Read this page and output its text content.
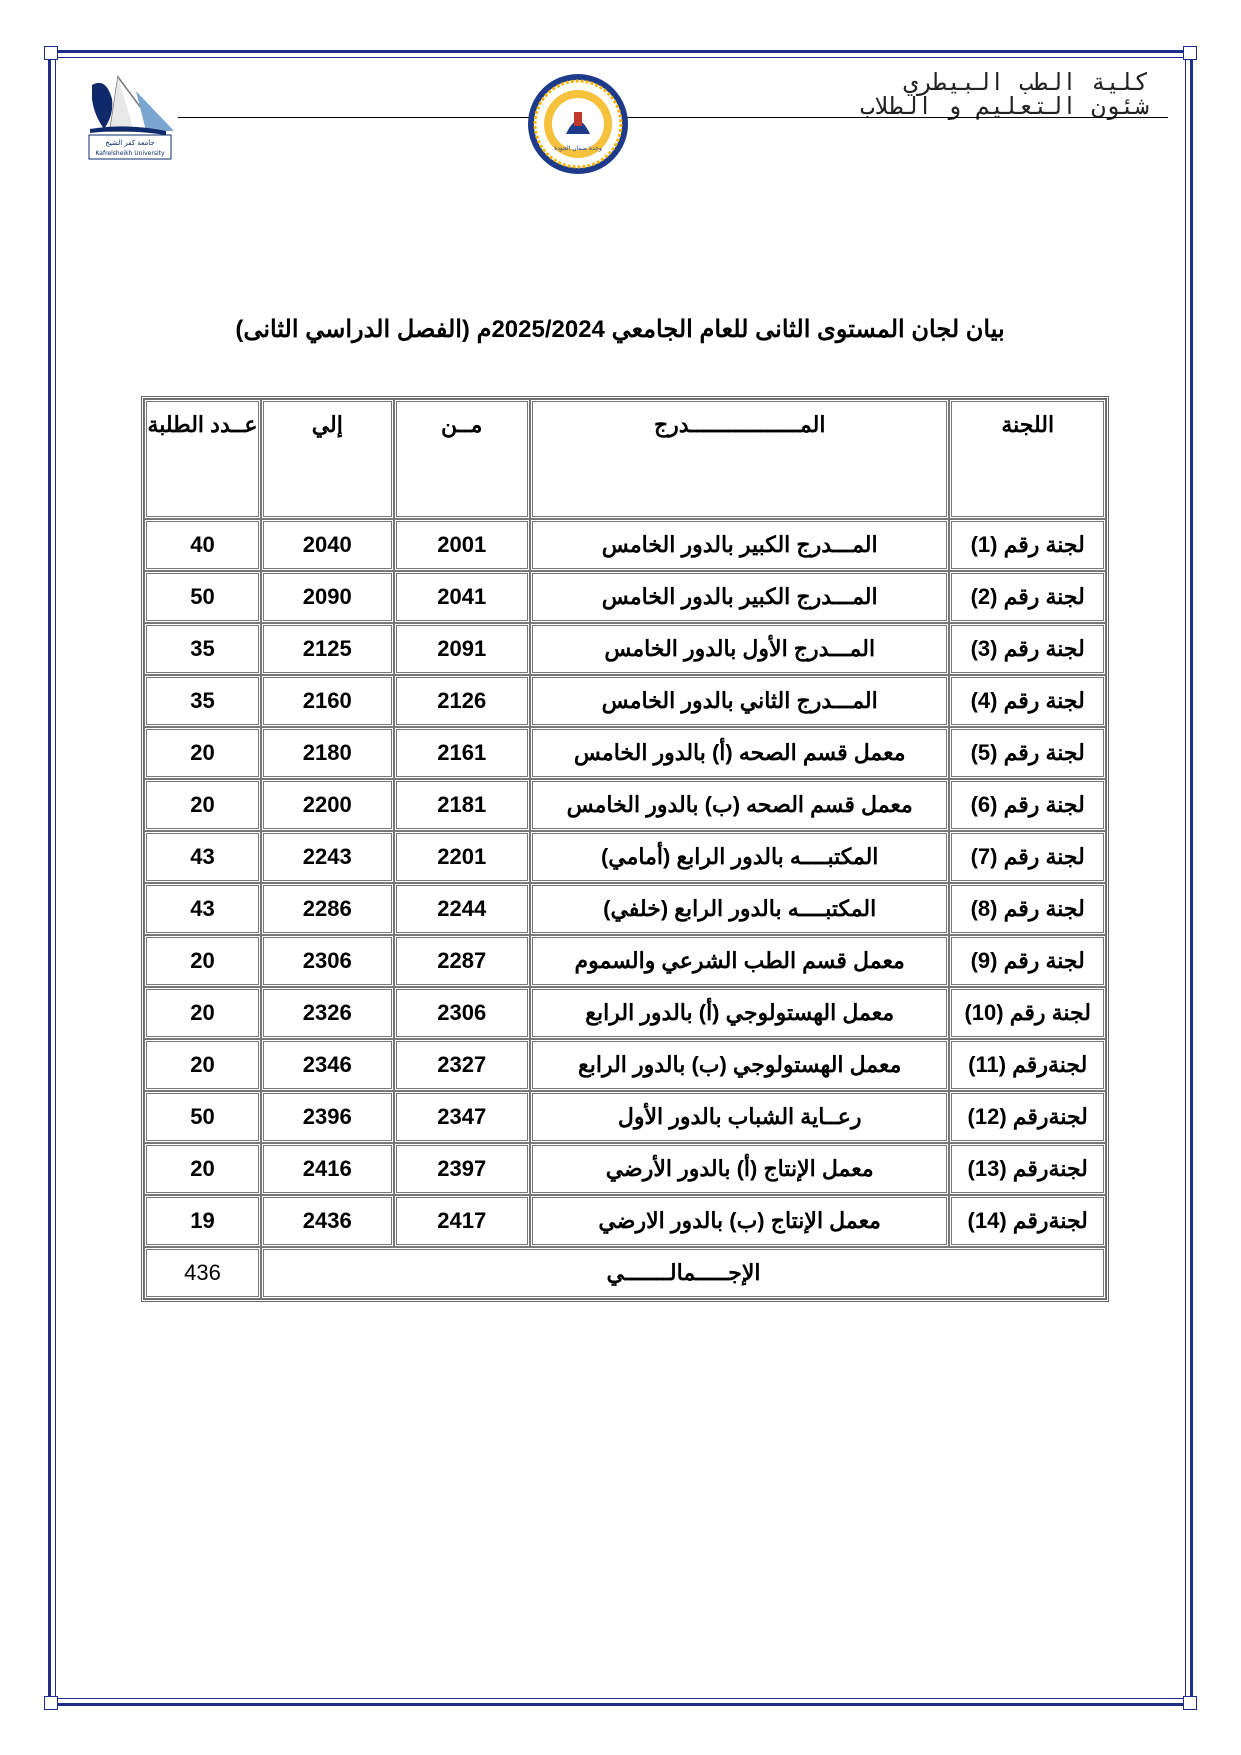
كلية الطب البيطري
شئون التعليم و الطلاب
جامعة كفر الشيخ
Kafrelsheikh University
وحدة ضمان الجودة
بيان لجان المستوى الثانى للعام الجامعي 2025/2024م (الفصل الدراسي الثانى)
اللجنة	المـــــــــــــــــدرج	مــن	إلي	عــدد الطلبة
لجنة رقم (1)	المـــدرج الكبير بالدور الخامس	2001	2040	40
لجنة رقم (2)	المـــدرج الكبير بالدور الخامس	2041	2090	50
لجنة رقم (3)	المـــدرج الأول بالدور الخامس	2091	2125	35
لجنة رقم (4)	المـــدرج الثاني بالدور الخامس	2126	2160	35
لجنة رقم (5)	معمل قسم الصحه (أ) بالدور الخامس	2161	2180	20
لجنة رقم (6)	معمل قسم الصحه (ب) بالدور الخامس	2181	2200	20
لجنة رقم (7)	المكتبــــه بالدور الرابع (أمامي)	2201	2243	43
لجنة رقم (8)	المكتبــــه بالدور الرابع (خلفي)	2244	2286	43
لجنة رقم (9)	معمل قسم الطب الشرعي والسموم	2287	2306	20
لجنة رقم (10)	معمل الهستولوجي (أ) بالدور الرابع	2306	2326	20
لجنةرقم (11)	معمل الهستولوجي (ب) بالدور الرابع	2327	2346	20
لجنةرقم (12)	رعــاية الشباب بالدور الأول	2347	2396	50
لجنةرقم (13)	معمل الإنتاج (أ) بالدور الأرضي	2397	2416	20
لجنةرقم (14)	معمل الإنتاج (ب) بالدور الارضي	2417	2436	19
الإجـــــمالـــــــي				436
